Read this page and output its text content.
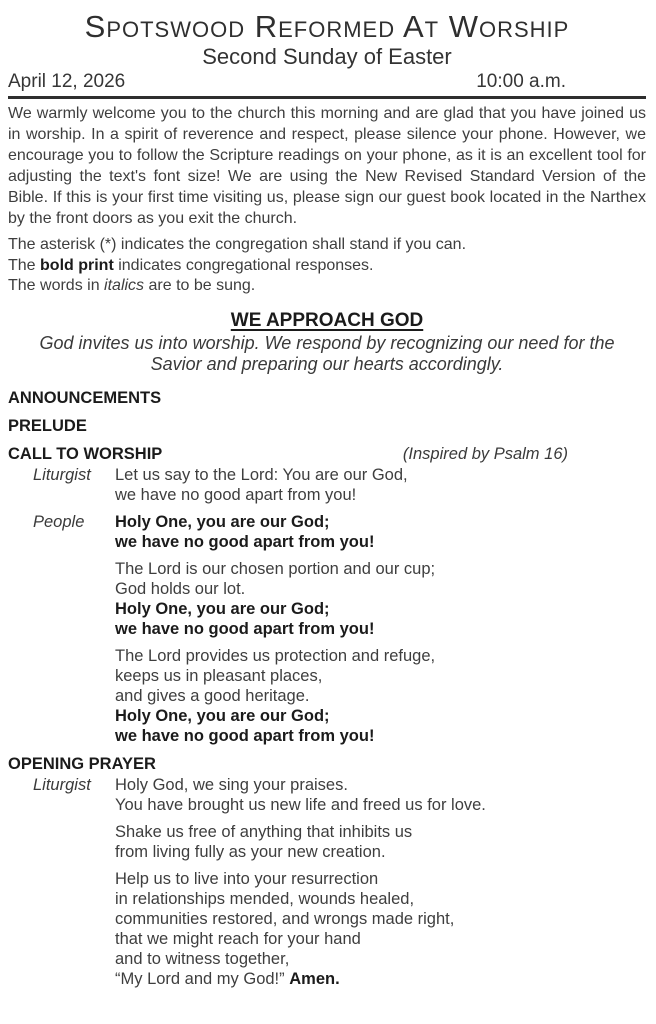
Spotswood Reformed At Worship
Second Sunday of Easter
April 12, 2026	10:00 a.m.

We warmly welcome you to the church this morning and are glad that you have joined us in worship. In a spirit of reverence and respect, please silence your phone. However, we encourage you to follow the Scripture readings on your phone, as it is an excellent tool for adjusting the text's font size! We are using the New Revised Standard Version of the Bible. If this is your first time visiting us, please sign our guest book located in the Narthex by the front doors as you exit the church.

The asterisk (*) indicates the congregation shall stand if you can.
The bold print indicates congregational responses.
The words in italics are to be sung.
WE APPROACH GOD

God invites us into worship. We respond by recognizing our need for the Savior and preparing our hearts accordingly.

ANNOUNCEMENTS
PRELUDE
CALL TO WORSHIP	(Inspired by Psalm 16)
Liturgist	Let us say to the Lord: You are our God,
we have no good apart from you!
People	Holy One, you are our God;
we have no good apart from you!
The Lord is our chosen portion and our cup;
God holds our lot.
Holy One, you are our God;
we have no good apart from you!
The Lord provides us protection and refuge,
keeps us in pleasant places,
and gives a good heritage.
Holy One, you are our God;
we have no good apart from you!
OPENING PRAYER
Liturgist	Holy God, we sing your praises.
You have brought us new life and freed us for love.
Shake us free of anything that inhibits us
from living fully as your new creation.
Help us to live into your resurrection
in relationships mended, wounds healed,
communities restored, and wrongs made right,
that we might reach for your hand
and to witness together,
“My Lord and my God!” Amen.
